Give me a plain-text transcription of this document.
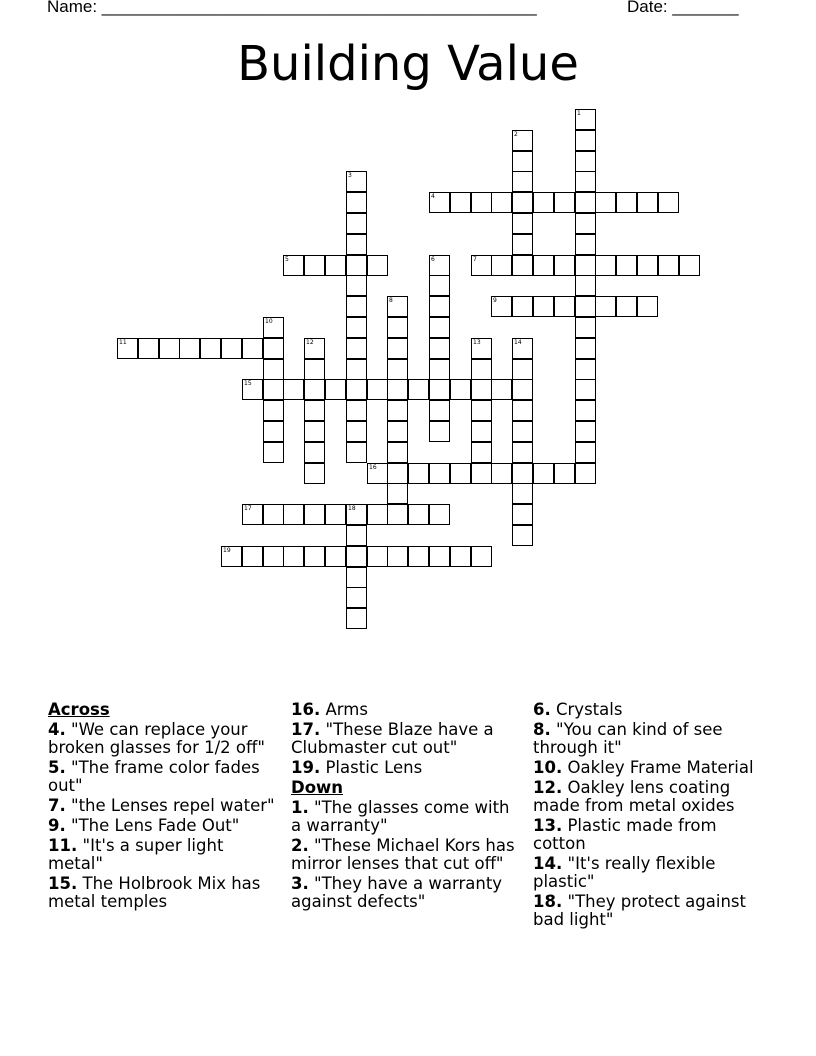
Name: ______________________________________________	Date: _______
Building Value
1
2
3
4
5	6	7
8	9
10
11	12	13	14
15
16
17	18
19
Across
4. "We can replace your broken glasses for 1/2 off"
5. "The frame color fades out"
7. "the Lenses repel water"
9. "The Lens Fade Out"
11. "It's a super light metal"
15. The Holbrook Mix has metal temples
16. Arms
17. "These Blaze have a Clubmaster cut out"
19. Plastic Lens
Down
1. "The glasses come with a warranty"
2. "These Michael Kors has mirror lenses that cut off"
3. "They have a warranty against defects"
6. Crystals
8. "You can kind of see through it"
10. Oakley Frame Material
12. Oakley lens coating made from metal oxides
13. Plastic made from cotton
14. "It's really flexible plastic"
18. "They protect against bad light"
